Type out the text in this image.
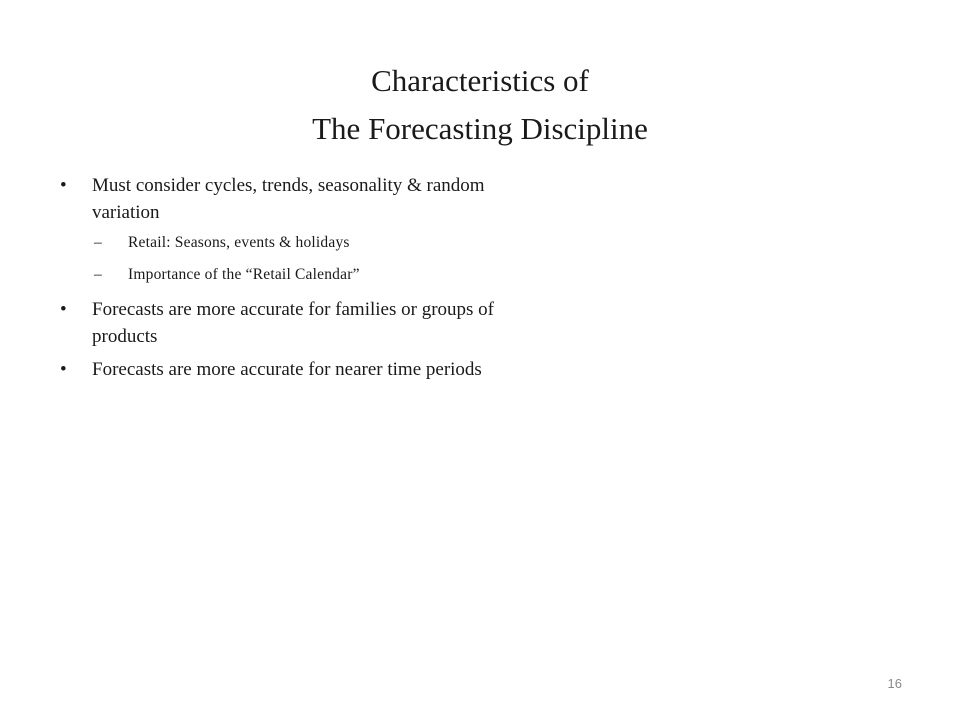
Characteristics of
The Forecasting Discipline
• Must consider cycles, trends, seasonality & random variation
– Retail: Seasons, events & holidays
– Importance of the “Retail Calendar”
• Forecasts are more accurate for families or groups of products
• Forecasts are more accurate for nearer time periods
16
